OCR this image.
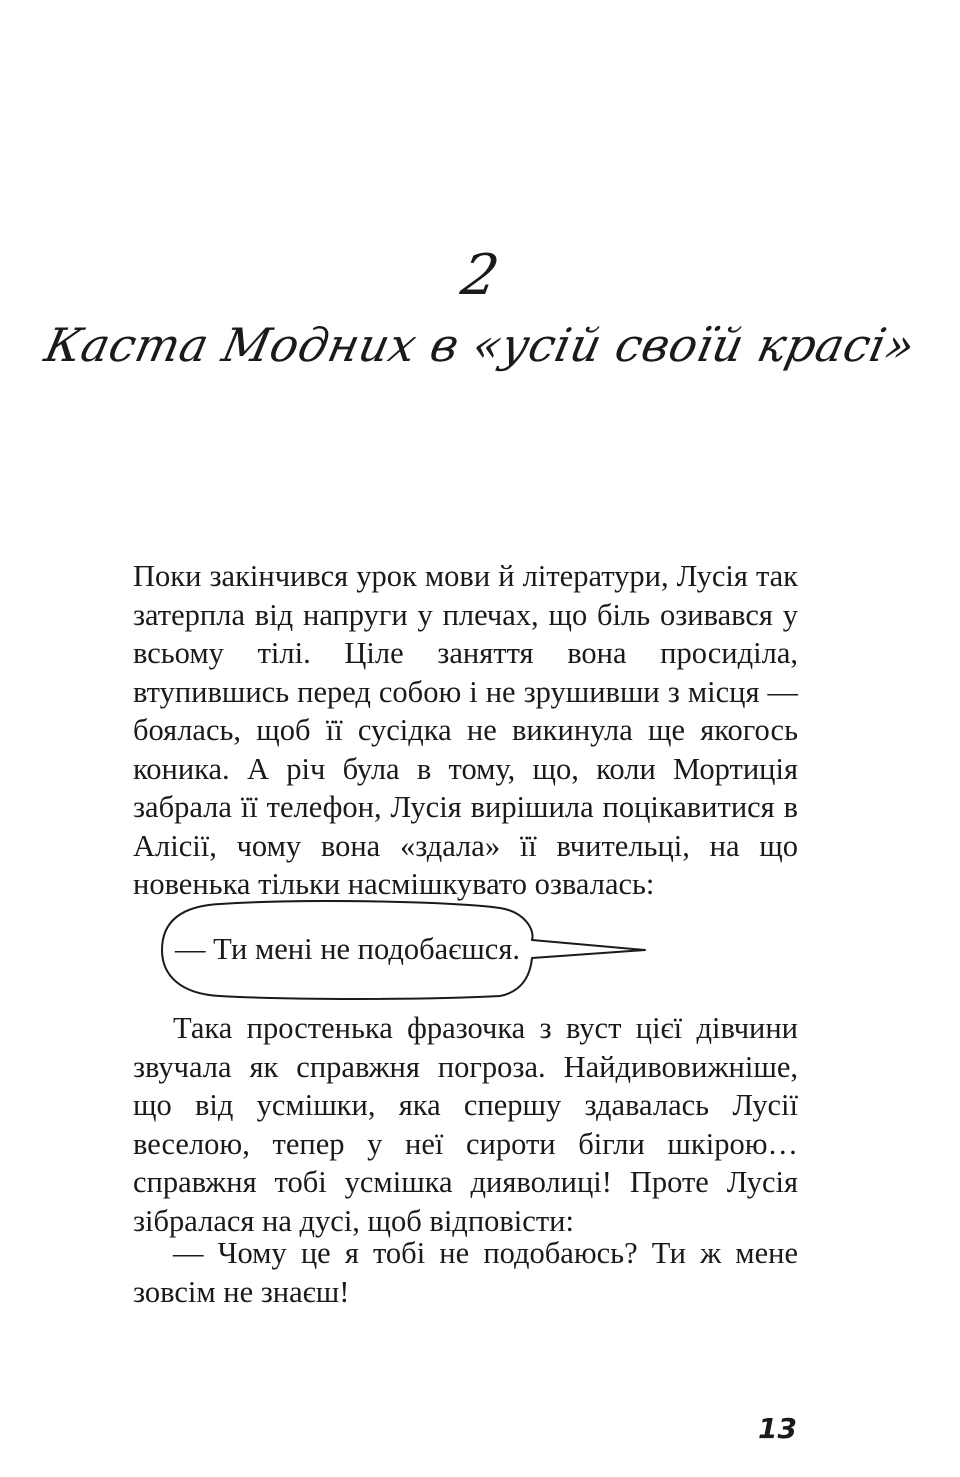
2
Каста Модних в «усій своїй красі»

Поки закінчився урок мови й літератури, Лусія так затерпла від напруги у плечах, що біль озивався у всьому тілі. Ціле заняття вона просиділа, втупившись перед собою і не зрушивши з місця — боялась, щоб її сусідка не викинула ще якогось коника. А річ була в тому, що, коли Мортиція забрала її телефон, Лусія вирішила поцікавитися в Алісії, чому вона «здала» її вчительці, на що новенька тільки насмішкувато озвалась:

— Ти мені не подобаєшся.

Така простенька фразочка з вуст цієї дівчини звучала як справжня погроза. Найдивовижніше, що від усмішки, яка спершу здавалась Лусії веселою, тепер у неї сироти бігли шкірою… справжня тобі усмішка дияволиці! Проте Лусія зібралася на дусі, щоб відповісти:

— Чому це я тобі не подобаюсь? Ти ж мене зовсім не знаєш!

13
